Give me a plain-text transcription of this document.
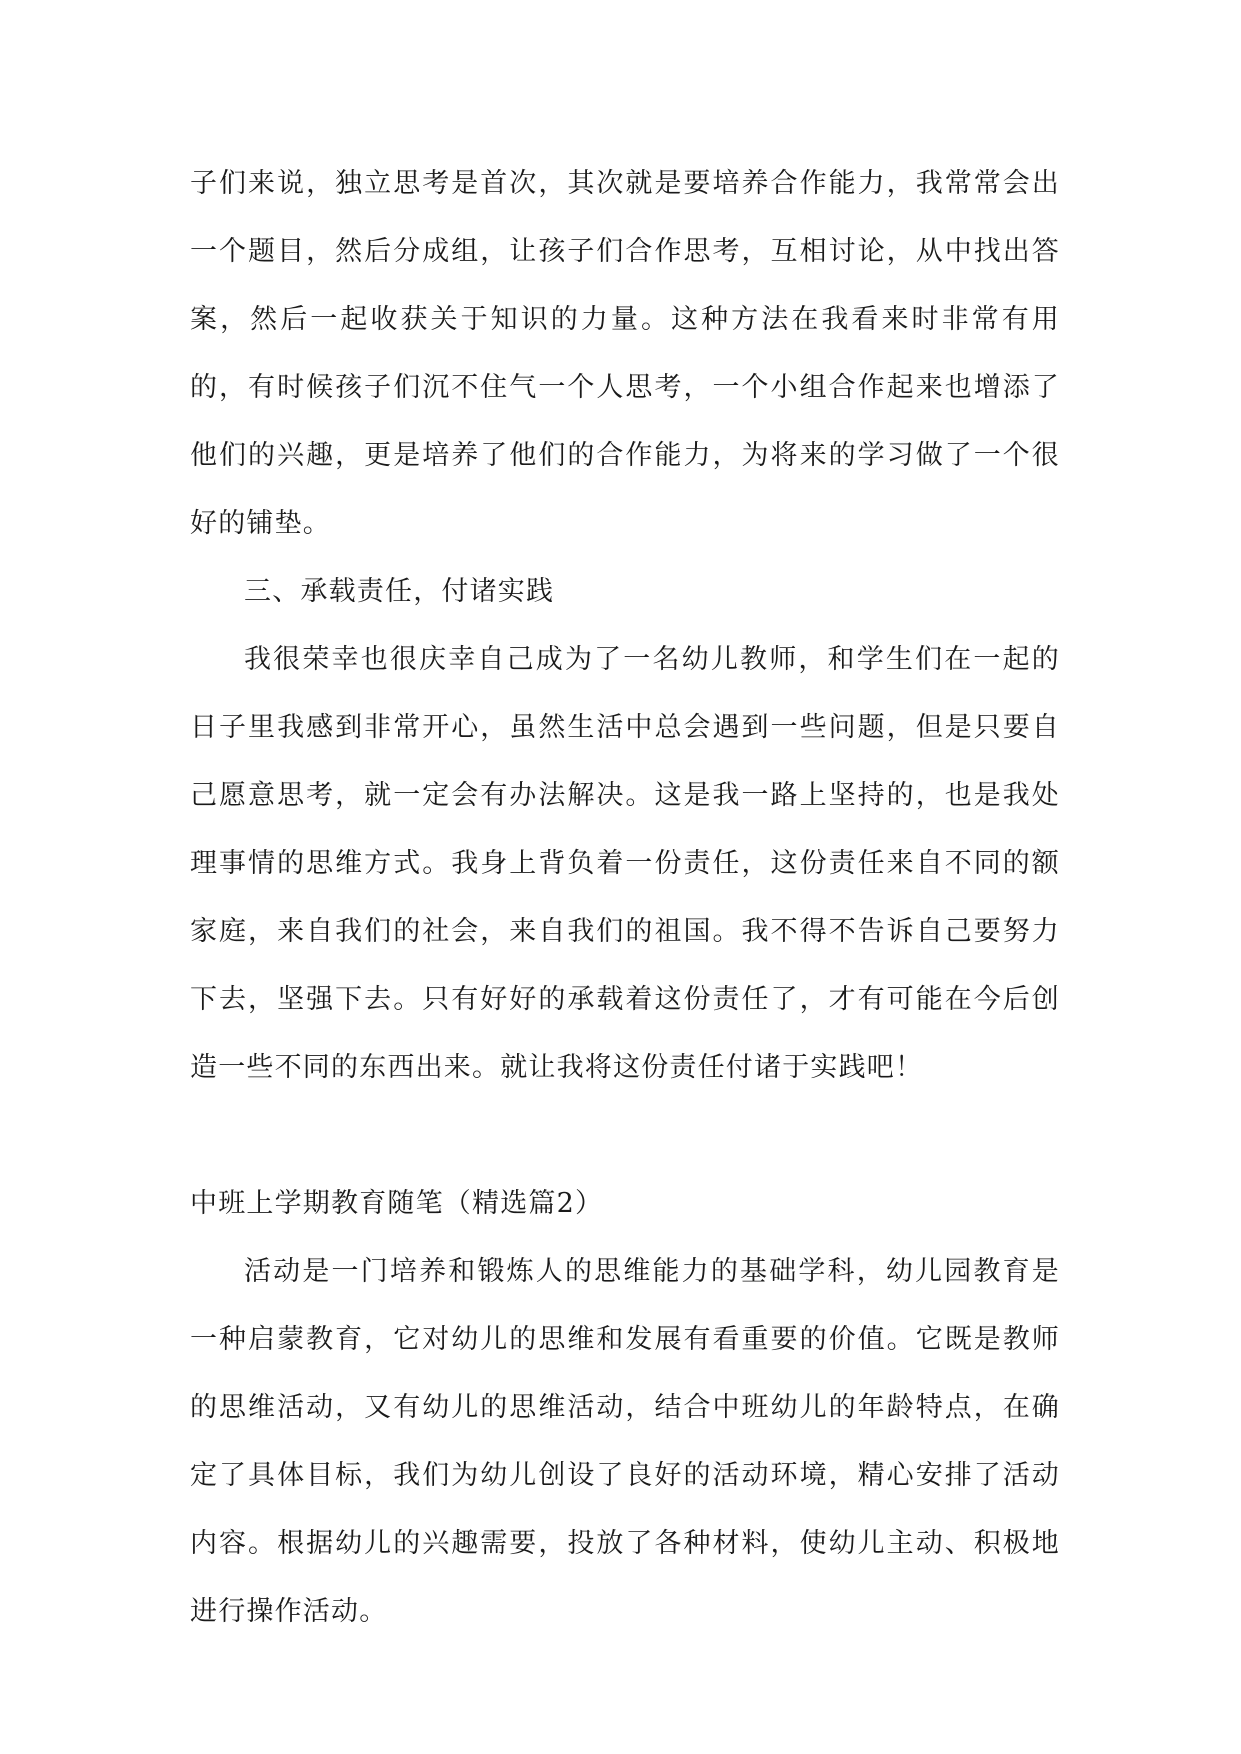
子们来说，独立思考是首次，其次就是要培养合作能力，我常常会出一个题目，然后分成组，让孩子们合作思考，互相讨论，从中找出答案，然后一起收获关于知识的力量。这种方法在我看来时非常有用的，有时候孩子们沉不住气一个人思考，一个小组合作起来也增添了他们的兴趣，更是培养了他们的合作能力，为将来的学习做了一个很好的铺垫。

三、承载责任，付诸实践

我很荣幸也很庆幸自己成为了一名幼儿教师，和学生们在一起的日子里我感到非常开心，虽然生活中总会遇到一些问题，但是只要自己愿意思考，就一定会有办法解决。这是我一路上坚持的，也是我处理事情的思维方式。我身上背负着一份责任，这份责任来自不同的额家庭，来自我们的社会，来自我们的祖国。我不得不告诉自己要努力下去，坚强下去。只有好好的承载着这份责任了，才有可能在今后创造一些不同的东西出来。就让我将这份责任付诸于实践吧！

中班上学期教育随笔（精选篇2）

活动是一门培养和锻炼人的思维能力的基础学科，幼儿园教育是一种启蒙教育，它对幼儿的思维和发展有看重要的价值。它既是教师的思维活动，又有幼儿的思维活动，结合中班幼儿的年龄特点，在确定了具体目标，我们为幼儿创设了良好的活动环境，精心安排了活动内容。根据幼儿的兴趣需要，投放了各种材料，使幼儿主动、积极地进行操作活动。
